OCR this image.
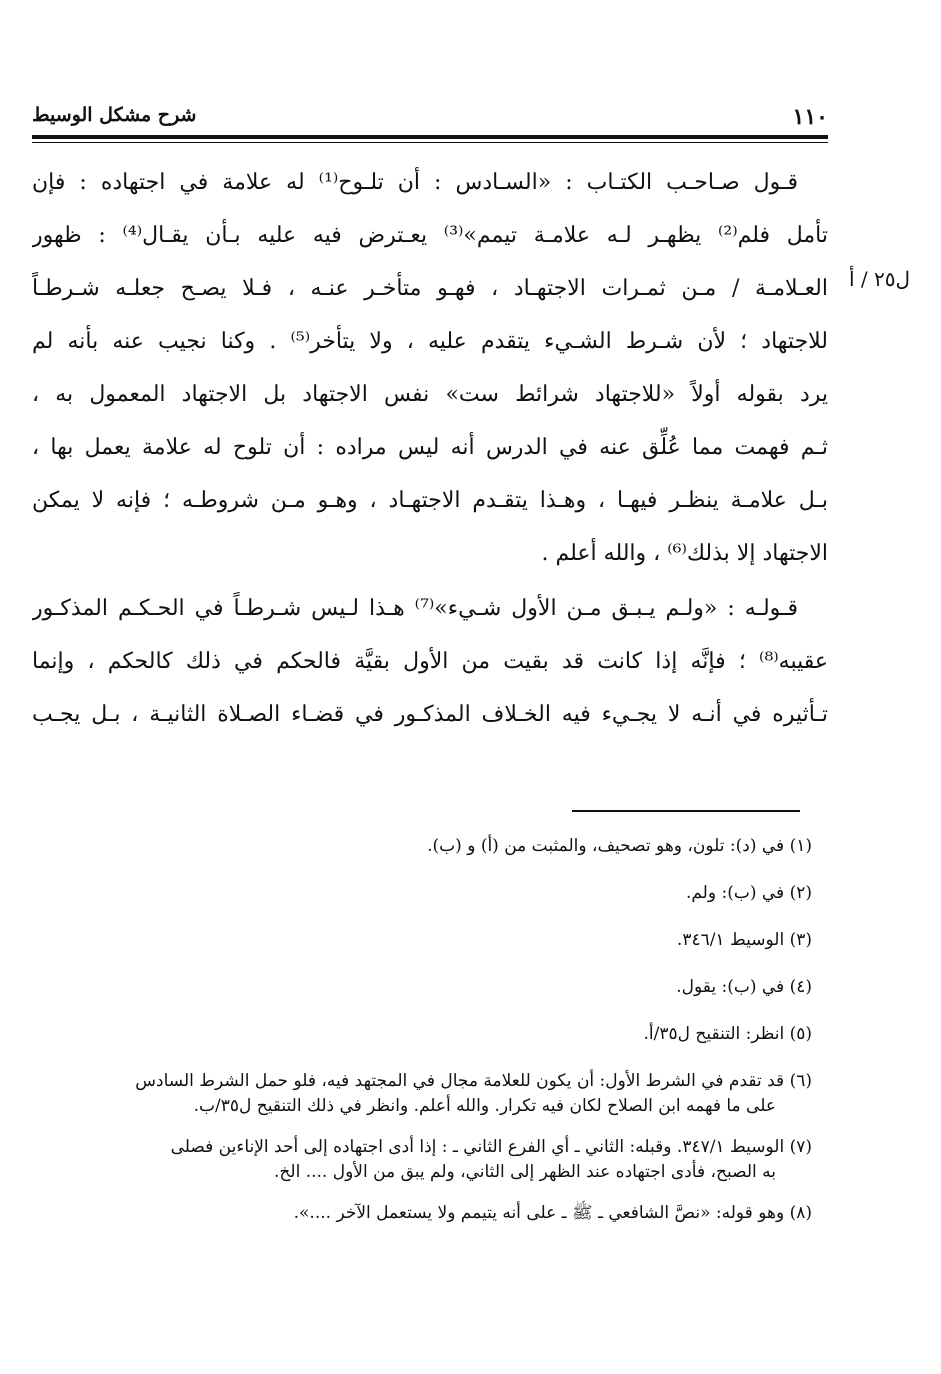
١١٠
شرح مشكل الوسيط
ل٢٥ / أ
قـول صـاحـب الكتـاب : «السـادس : أن تلـوح⁽¹⁾ له علامة في اجتهاده : فإن
تأمل فلم⁽²⁾ يظهـر لـه علامـة تيمم»⁽³⁾ يعـترض فيه عليه بـأن يقـال⁽⁴⁾ : ظهور
العـلامـة / مـن ثمـرات الاجتهـاد ، فهـو متأخـر عنـه ، فـلا يصـح جعلـه شـرطـاً
للاجتهاد ؛ لأن شـرط الشـيء يتقدم عليه ، ولا يتأخر⁽⁵⁾ . وكنا نجيب عنه بأنه لم
يرد بقوله أولاً «للاجتهاد شرائط ست» نفس الاجتهاد بل الاجتهاد المعمول به ،
ثـم فهمت مما عُلِّق عنه في الدرس أنه ليس مراده : أن تلوح له علامة يعمل بها ،
بـل علامـة ينظـر فيهـا ، وهـذا يتقـدم الاجتهـاد ، وهـو مـن شروطـه ؛ فإنه لا يمكن
الاجتهاد إلا بذلك⁽⁶⁾ ، والله أعلم .
قـولـه : «ولـم يـبـق مـن الأول شـيء»⁽⁷⁾ هـذا لـيس شـرطـاً في الحـكـم المذكـور
عقيبه⁽⁸⁾ ؛ فإنَّه إذا كانت قد بقيت من الأول بقيَّة فالحكم في ذلك كالحكم ، وإنما
تـأثيره في أنـه لا يجـيء فيه الخـلاف المذكـور في قضـاء الصـلاة الثانيـة ، بـل يجـب
(١) في (د): تلون، وهو تصحيف، والمثبت من (أ) و (ب).
(٢) في (ب): ولم.
(٣) الوسيط ٣٤٦/١.
(٤) في (ب): يقول.
(٥) انظر: التنقيح ل٣٥/أ.
(٦) قد تقدم في الشرط الأول: أن يكون للعلامة مجال في المجتهد فيه، فلو حمل الشرط السادس
على ما فهمه ابن الصلاح لكان فيه تكرار. والله أعلم. وانظر في ذلك التنقيح ل٣٥/ب.
(٧) الوسيط ٣٤٧/١. وقبله: الثاني ـ أي الفرع الثاني ـ : إذا أدى اجتهاده إلى أحد الإناءين فصلى
به الصبح، فأدى اجتهاده عند الظهر إلى الثاني، ولم يبق من الأول .... الخ.
(٨) وهو قوله: «نصَّ الشافعي ـ ﷺ ـ على أنه يتيمم ولا يستعمل الآخر ....».
